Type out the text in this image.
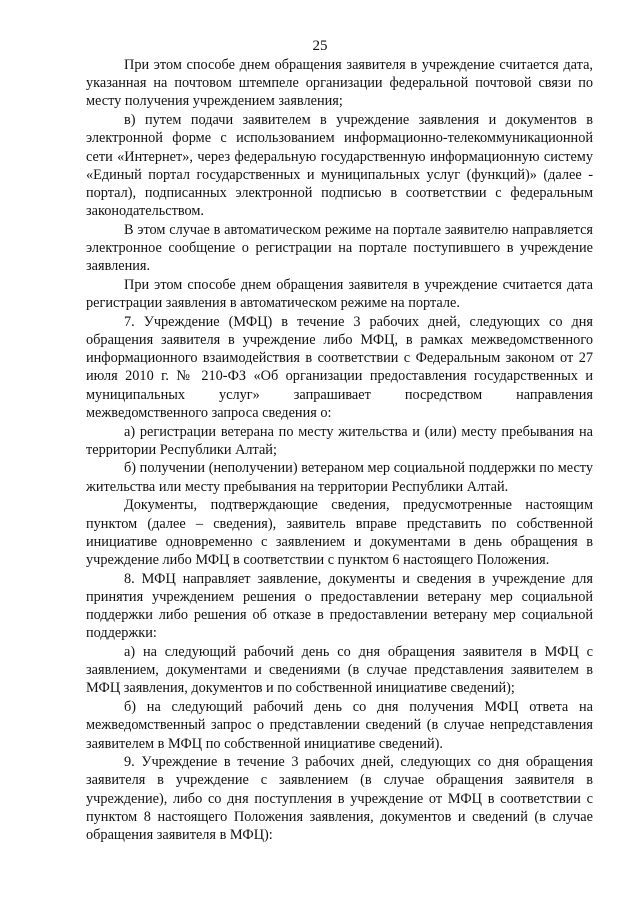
25

При этом способе днем обращения заявителя в учреждение считается дата, указанная на почтовом штемпеле организации федеральной почтовой связи по месту получения учреждением заявления;

в) путем подачи заявителем в учреждение заявления и документов в электронной форме с использованием информационно-телекоммуникационной сети «Интернет», через федеральную государственную информационную систему «Единый портал государственных и муниципальных услуг (функций)» (далее - портал), подписанных электронной подписью в соответствии с федеральным законодательством.

В этом случае в автоматическом режиме на портале заявителю направляется электронное сообщение о регистрации на портале поступившего в учреждение заявления.

При этом способе днем обращения заявителя в учреждение считается дата регистрации заявления в автоматическом режиме на портале.

7. Учреждение (МФЦ) в течение 3 рабочих дней, следующих со дня обращения заявителя в учреждение либо МФЦ, в рамках межведомственного информационного взаимодействия в соответствии с Федеральным законом от 27 июля 2010 г. № 210-ФЗ «Об организации предоставления государственных и муниципальных услуг» запрашивает посредством направления межведомственного запроса сведения о:

а) регистрации ветерана по месту жительства и (или) месту пребывания на территории Республики Алтай;

б) получении (неполучении) ветераном мер социальной поддержки по месту жительства или месту пребывания на территории Республики Алтай.

Документы, подтверждающие сведения, предусмотренные настоящим пунктом (далее – сведения), заявитель вправе представить по собственной инициативе одновременно с заявлением и документами в день обращения в учреждение либо МФЦ в соответствии с пунктом 6 настоящего Положения.

8. МФЦ направляет заявление, документы и сведения в учреждение для принятия учреждением решения о предоставлении ветерану мер социальной поддержки либо решения об отказе в предоставлении ветерану мер социальной поддержки:

а) на следующий рабочий день со дня обращения заявителя в МФЦ с заявлением, документами и сведениями (в случае представления заявителем в МФЦ заявления, документов и по собственной инициативе сведений);

б) на следующий рабочий день со дня получения МФЦ ответа на межведомственный запрос о представлении сведений (в случае непредставления заявителем в МФЦ по собственной инициативе сведений).

9. Учреждение в течение 3 рабочих дней, следующих со дня обращения заявителя в учреждение с заявлением (в случае обращения заявителя в учреждение), либо со дня поступления в учреждение от МФЦ в соответствии с пунктом 8 настоящего Положения заявления, документов и сведений (в случае обращения заявителя в МФЦ):
